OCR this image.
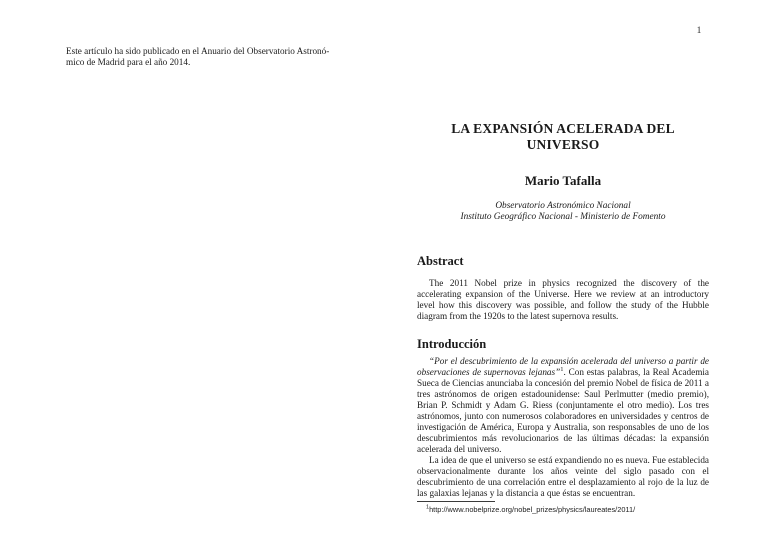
1
Este artículo ha sido publicado en el Anuario del Observatorio Astronó-
mico de Madrid para el año 2014.
LA EXPANSIÓN ACELERADA DEL UNIVERSO
Mario Tafalla
Observatorio Astronómico Nacional
Instituto Geográfico Nacional - Ministerio de Fomento
Abstract

The 2011 Nobel prize in physics recognized the discovery of the accelerating expansion of the Universe. Here we review at an introductory level how this discovery was possible, and follow the study of the Hubble diagram from the 1920s to the latest supernova results.

Introducción

“Por el descubrimiento de la expansión acelerada del universo a partir de observaciones de supernovas lejanas”$^1$. Con estas palabras, la Real Academia Sueca de Ciencias anunciaba la concesión del premio Nobel de física de 2011 a tres astrónomos de origen estadounidense: Saul Perlmutter (medio premio), Brian P. Schmidt y Adam G. Riess (conjuntamente el otro medio). Los tres astrónomos, junto con numerosos colaboradores en universidades y centros de investigación de América, Europa y Australia, son responsables de uno de los descubrimientos más revolucionarios de las últimas décadas: la expansión acelerada del universo.

La idea de que el universo se está expandiendo no es nueva. Fue establecida observacionalmente durante los años veinte del siglo pasado con el descubrimiento de una correlación entre el desplazamiento al rojo de la luz de las galaxias lejanas y la distancia a que éstas se encuentran.

$^1$http://www.nobelprize.org/nobel_prizes/physics/laureates/2011/
